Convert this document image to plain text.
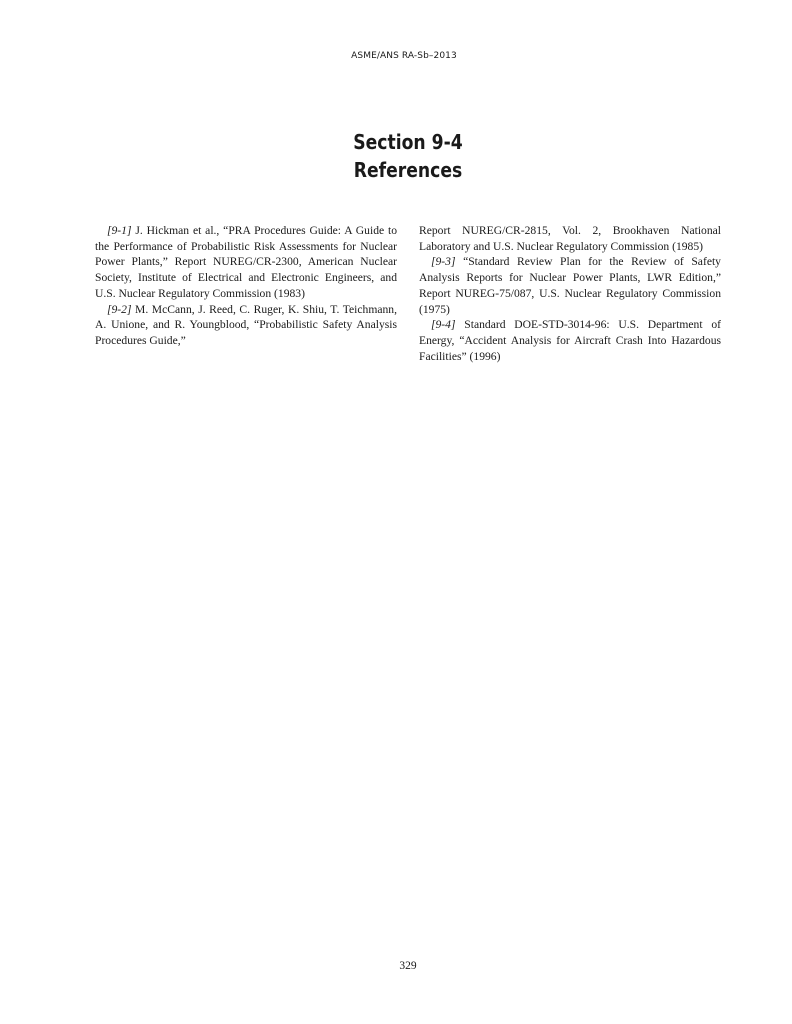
ASME/ANS RA-Sb–2013
Section 9-4
References

[9-1] J. Hickman et al., “PRA Procedures Guide: A Guide to the Performance of Probabilistic Risk Assessments for Nuclear Power Plants,” Report NUREG/CR-2300, American Nuclear Society, Institute of Electrical and Electronic Engineers, and U.S. Nuclear Regulatory Commission (1983)

[9-2] M. McCann, J. Reed, C. Ruger, K. Shiu, T. Teichmann, A. Unione, and R. Youngblood, “Probabilistic Safety Analysis Procedures Guide,”

Report NUREG/CR-2815, Vol. 2, Brookhaven National Laboratory and U.S. Nuclear Regulatory Commission (1985)

[9-3] “Standard Review Plan for the Review of Safety Analysis Reports for Nuclear Power Plants, LWR Edition,” Report NUREG-75/087, U.S. Nuclear Regulatory Commission (1975)

[9-4] Standard DOE-STD-3014-96: U.S. Department of Energy, “Accident Analysis for Aircraft Crash Into Hazardous Facilities” (1996)

329
